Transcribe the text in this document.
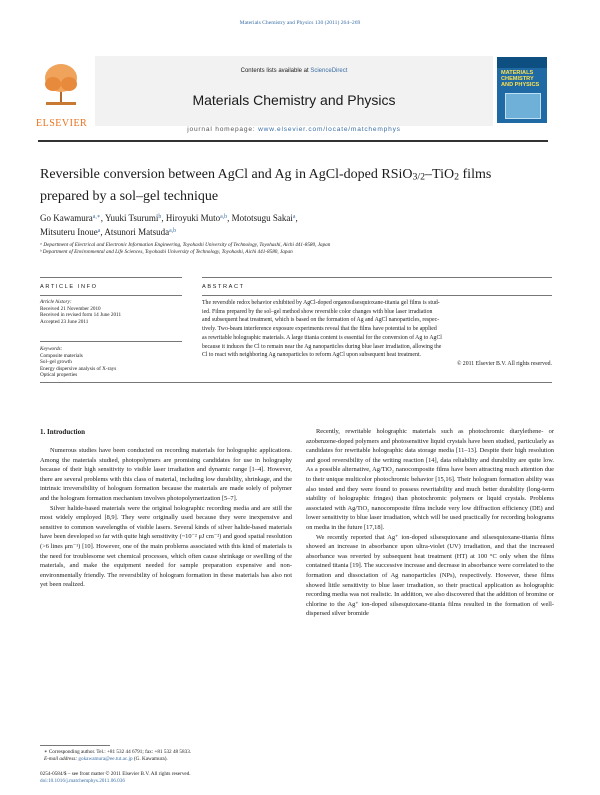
Materials Chemistry and Physics 130 (2011) 264–269
Contents lists available at ScienceDirect
Materials Chemistry and Physics
journal homepage: www.elsevier.com/locate/matchemphys
ELSEVIER
MATERIALS CHEMISTRY AND PHYSICS
Reversible conversion between AgCl and Ag in AgCl-doped RSiO3/2–TiO2 films
prepared by a sol–gel technique
Go Kawamura$^{a,∗}$, Yuuki Tsurumi$^b$, Hiroyuki Muto$^{a,b}$, Mototsugu Sakai$^a$,
Mitsuteru Inoue$^a$, Atsunori Matsuda$^{a,b}$
ᵃ Department of Electrical and Electronic Information Engineering, Toyohashi University of Technology, Toyohashi, Aichi 441-8580, Japan
ᵇ Department of Environmental and Life Sciences, Toyohashi University of Technology, Toyohashi, Aichi 441-8580, Japan
ARTICLE INFO	ABSTRACT
Article history:
Received 21 November 2010
Received in revised form 14 June 2011
Accepted 23 June 2011
Keywords:
Composite materials
Sol–gel growth
Energy dispersive analysis of X-rays
Optical properties
The reversible redox behavior exhibited by AgCl-doped organosilsesquioxane-titania gel films is stud-
ied. Films prepared by the sol–gel method show reversible color changes with blue laser irradiation
and subsequent heat treatment, which is based on the formation of Ag and AgCl nanoparticles, respec-
tively. Two-beam interference exposure experiments reveal that the films have potential to be applied
as rewritable holographic materials. A large titania content is essential for the conversion of Ag to AgCl
because it induces the Cl to remain near the Ag nanoparticles during blue laser irradiation, allowing the
Cl to react with neighboring Ag nanoparticles to reform AgCl upon subsequent heat treatment.
© 2011 Elsevier B.V. All rights reserved.
1. Introduction

Numerous studies have been conducted on recording materials for holographic applications. Among the materials studied, photopolymers are promising candidates for use in holography because of their high sensitivity to visible laser irradiation and dynamic range [1–4]. However, there are several problems with this class of material, including low durability, shrinkage, and the intrinsic irreversibility of hologram formation because the materials are made solely of polymer and the hologram formation mechanism involves photopolymerization [5–7].

Silver halide-based materials were the original holographic recording media and are still the most widely employed [8,9]. They were originally used because they were inexpensive and sensitive to common wavelengths of visible lasers. Several kinds of silver halide-based materials have been developed so far with quite high sensitivity (~10⁻² μJ cm⁻²) and good spatial resolution (>6 lines μm⁻¹) [10]. However, one of the main problems associated with this kind of materials is the need for troublesome wet chemical processes, which often cause shrinkage or swelling of the materials, and make the equipment needed for sample preparation expensive and non-environmentally friendly. The reversibility of hologram formation in these materials has also not yet been realized.

Recently, rewritable holographic materials such as photochromic diarylethene- or azobenzene-doped polymers and photosensitive liquid crystals have been studied, particularly as candidates for rewritable holographic data storage media [11–13]. Despite their high resolution and good reversibility of the writing reaction [14], data reliability and durability are quite low. As a possible alternative, Ag/TiO₂ nanocomposite films have been attracting much attention due to their unique multicolor photochromic behavior [15,16]. Their hologram formation ability was also tested and they were found to possess rewritability and much better durability (long-term stability of holographic fringes) than photochromic polymers or liquid crystals. Problems associated with Ag/TiO₂ nanocomposite films include very low diffraction efficiency (DE) and lower sensitivity to blue laser irradiation, which will be used practically for recording holograms on media in the future [17,18].

We recently reported that Ag⁺ ion-doped silsesquioxane and silsesquioxane-titania films showed an increase in absorbance upon ultra-violet (UV) irradiation, and that the increased absorbance was reverted by subsequent heat treatment (HT) at 100 °C only when the films contained titania [19]. The successive increase and decrease in absorbance were correlated to the formation and dissociation of Ag nanoparticles (NPs), respectively. However, these films showed little sensitivity to blue laser irradiation, so their practical application as holographic recording media was not realistic. In addition, we also discovered that the addition of bromine or chlorine to the Ag⁺ ion-doped silsesquioxane-titania films resulted in the formation of well-dispersed silver bromide

∗ Corresponding author. Tel.: +81 532 44 6791; fax: +81 532 48 5833.
E-mail address: gokawamura@ee.tut.ac.jp (G. Kawamura).
0254-0584/$ – see front matter © 2011 Elsevier B.V. All rights reserved.
doi:10.1016/j.matchemphys.2011.06.036
